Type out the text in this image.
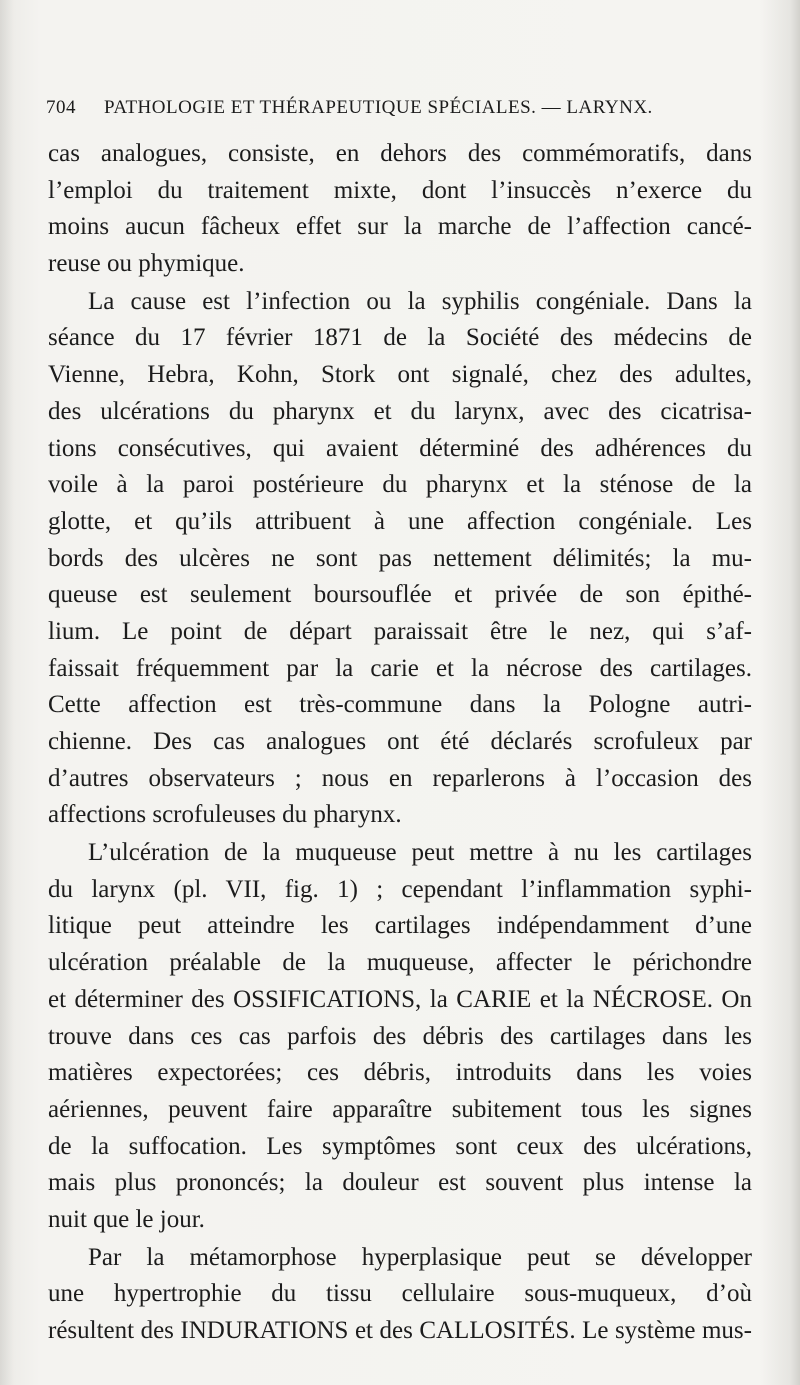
704 PATHOLOGIE ET THÉRAPEUTIQUE SPÉCIALES. — LARYNX.
cas analogues, consiste, en dehors des commémoratifs, dans
l’emploi du traitement mixte, dont l’insuccès n’exerce du
moins aucun fâcheux effet sur la marche de l’affection cancé-
reuse ou phymique.
La cause est l’infection ou la syphilis congéniale. Dans la
séance du 17 février 1871 de la Société des médecins de
Vienne, Hebra, Kohn, Stork ont signalé, chez des adultes,
des ulcérations du pharynx et du larynx, avec des cicatrisa-
tions consécutives, qui avaient déterminé des adhérences du
voile à la paroi postérieure du pharynx et la sténose de la
glotte, et qu’ils attribuent à une affection congéniale. Les
bords des ulcères ne sont pas nettement délimités; la mu-
queuse est seulement boursouflée et privée de son épithé-
lium. Le point de départ paraissait être le nez, qui s’af-
faissait fréquemment par la carie et la nécrose des cartilages.
Cette affection est très-commune dans la Pologne autri-
chienne. Des cas analogues ont été déclarés scrofuleux par
d’autres observateurs ; nous en reparlerons à l’occasion des
affections scrofuleuses du pharynx.
L’ulcération de la muqueuse peut mettre à nu les cartilages
du larynx (pl. VII, fig. 1) ; cependant l’inflammation syphi-
litique peut atteindre les cartilages indépendamment d’une
ulcération préalable de la muqueuse, affecter le périchondre
et déterminer des OSSIFICATIONS, la CARIE et la NÉCROSE. On
trouve dans ces cas parfois des débris des cartilages dans les
matières expectorées; ces débris, introduits dans les voies
aériennes, peuvent faire apparaître subitement tous les signes
de la suffocation. Les symptômes sont ceux des ulcérations,
mais plus prononcés; la douleur est souvent plus intense la
nuit que le jour.
Par la métamorphose hyperplasique peut se développer
une hypertrophie du tissu cellulaire sous-muqueux, d’où
résultent des INDURATIONS et des CALLOSITÉS. Le système mus-
